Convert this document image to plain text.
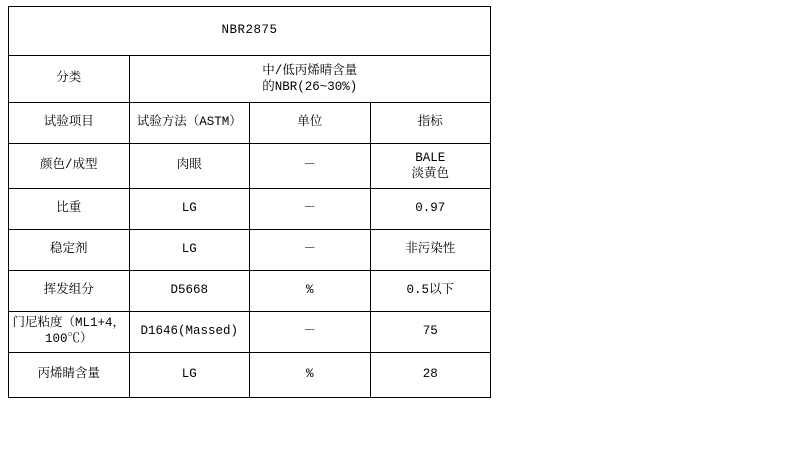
NBR2875			
分类	中/低丙烯晴含量
的NBR(26~30%)		

试验项目	试验方法（ASTM）	单位	指标
颜色/成型	肉眼	－	BALE
淡黄色

比重	LG	－	0.97
稳定剂	LG	－	非污染性
挥发组分	D5668	%	0.5以下
门尼粘度（ML1+4，100℃）	D1646(Massed)	－	75
丙烯睛含量	LG	%	28
